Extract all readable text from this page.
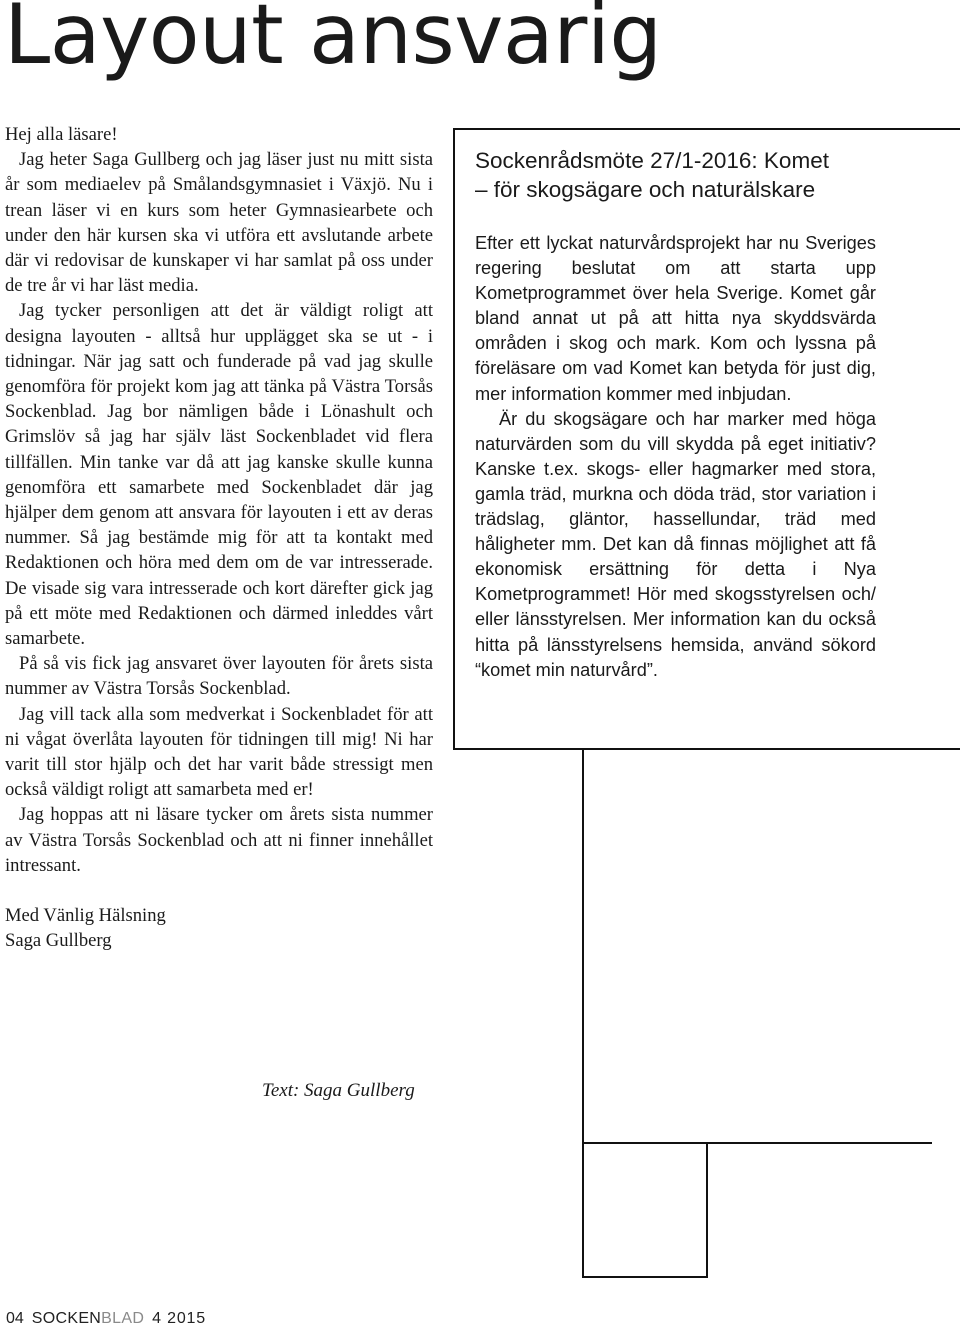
Layout ansvarig

Hej alla läsare!

Jag heter Saga Gullberg och jag läser just nu mitt sista år som mediaelev på Smålandsgymnasiet i Växjö. Nu i trean läser vi en kurs som heter Gymnasiearbete och under den här kursen ska vi utföra ett avslutande arbete där vi redovisar de kunskaper vi har samlat på oss under de tre år vi har läst media.

Jag tycker personligen att det är väldigt roligt att designa layouten - alltså hur upplägget ska se ut - i tidningar. När jag satt och funderade på vad jag skulle genomföra för projekt kom jag att tänka på Västra Torsås Sockenblad. Jag bor nämligen både i Lönashult och Grimslöv så jag har själv läst Sockenbladet vid flera tillfällen. Min tanke var då att jag kanske skulle kunna genomföra ett samarbete med Sockenbladet där jag hjälper dem genom att ansvara för layouten i ett av deras nummer. Så jag bestämde mig för att ta kontakt med Redaktionen och höra med dem om de var intresserade. De visade sig vara intresserade och kort därefter gick jag på ett möte med Redaktionen och därmed inleddes vårt samarbete.

På så vis fick jag ansvaret över layouten för årets sista nummer av Västra Torsås Sockenblad.

Jag vill tack alla som medverkat i Sockenbladet för att ni vågat överlåta layouten för tidningen till mig! Ni har varit till stor hjälp och det har varit både stressigt men också väldigt roligt att samarbeta med er!

Jag hoppas att ni läsare tycker om årets sista nummer av Västra Torsås Sockenblad och att ni finner innehållet intressant.

Med Vänlig Hälsning
Saga Gullberg
Text: Saga Gullberg
Sockenrådsmöte 27/1-2016: Komet
– för skogsägare och naturälskare

Efter ett lyckat naturvårdsprojekt har nu Sveriges regering beslutat om att starta upp Kometprogrammet över hela Sverige. Komet går bland annat ut på att hitta nya skyddsvärda områden i skog och mark. Kom och lyssna på föreläsare om vad Komet kan betyda för just dig, mer information kommer med inbjudan.

Är du skogsägare och har marker med höga naturvärden som du vill skydda på eget initiativ? Kanske t.ex. skogs- eller hagmarker med stora, gamla träd, murkna och döda träd, stor variation i trädslag, gläntor, hassellundar, träd med håligheter mm. Det kan då finnas möjlighet att få ekonomisk ersättning för detta i Nya Kometprogrammet! Hör med skogsstyrelsen och/ eller länsstyrelsen. Mer information kan du också hitta på länsstyrelsens hemsida, använd sökord “komet min naturvård”.

04 SOCKENBLAD 4 2015
